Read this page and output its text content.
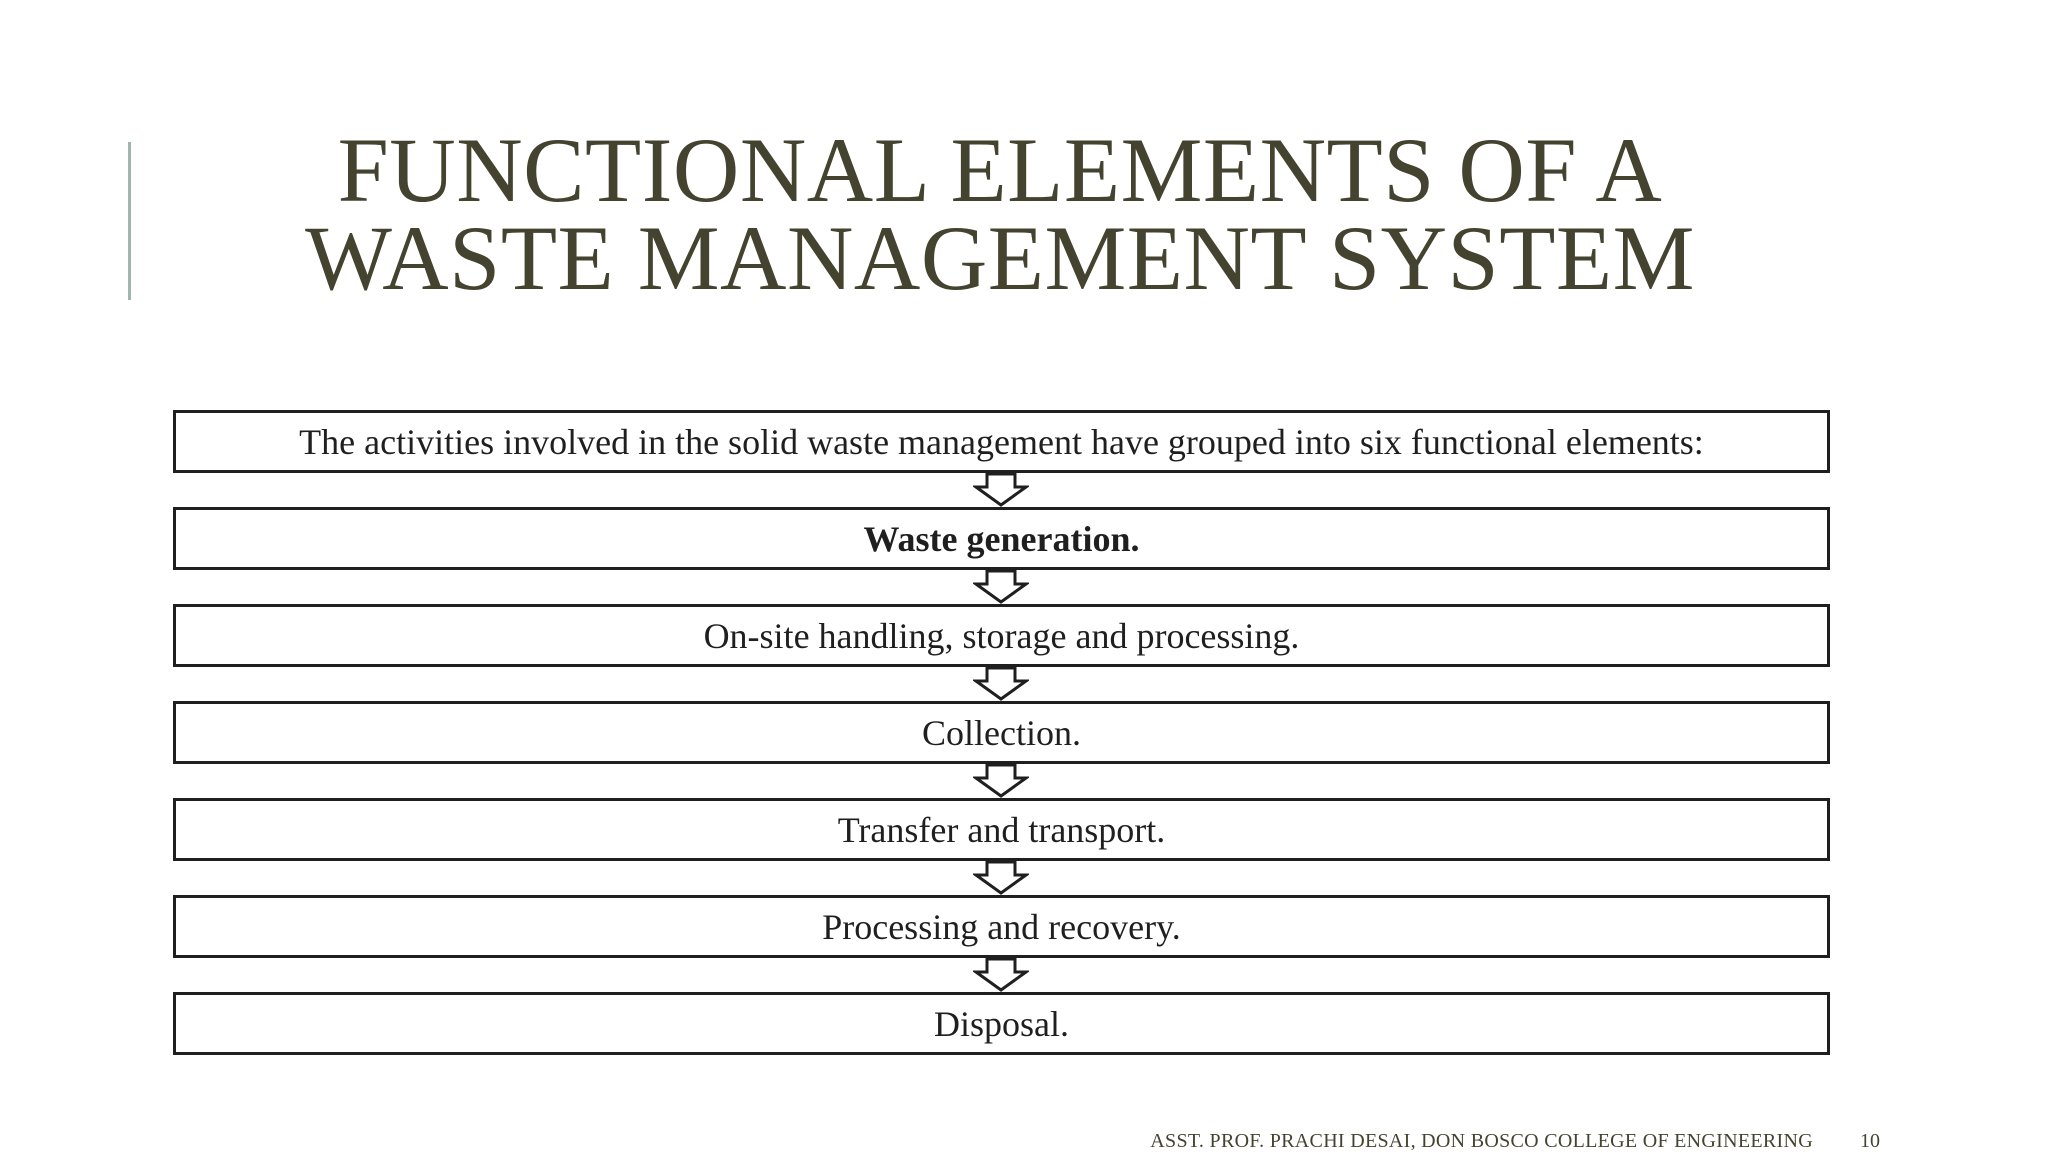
FUNCTIONAL ELEMENTS OF A
WASTE MANAGEMENT SYSTEM
The activities involved in the solid waste management have grouped into six functional elements:
Waste generation.
On-site handling, storage and processing.
Collection.
Transfer and transport.
Processing and recovery.
Disposal.
ASST. PROF. PRACHI DESAI, DON BOSCO COLLEGE OF ENGINEERING	10
